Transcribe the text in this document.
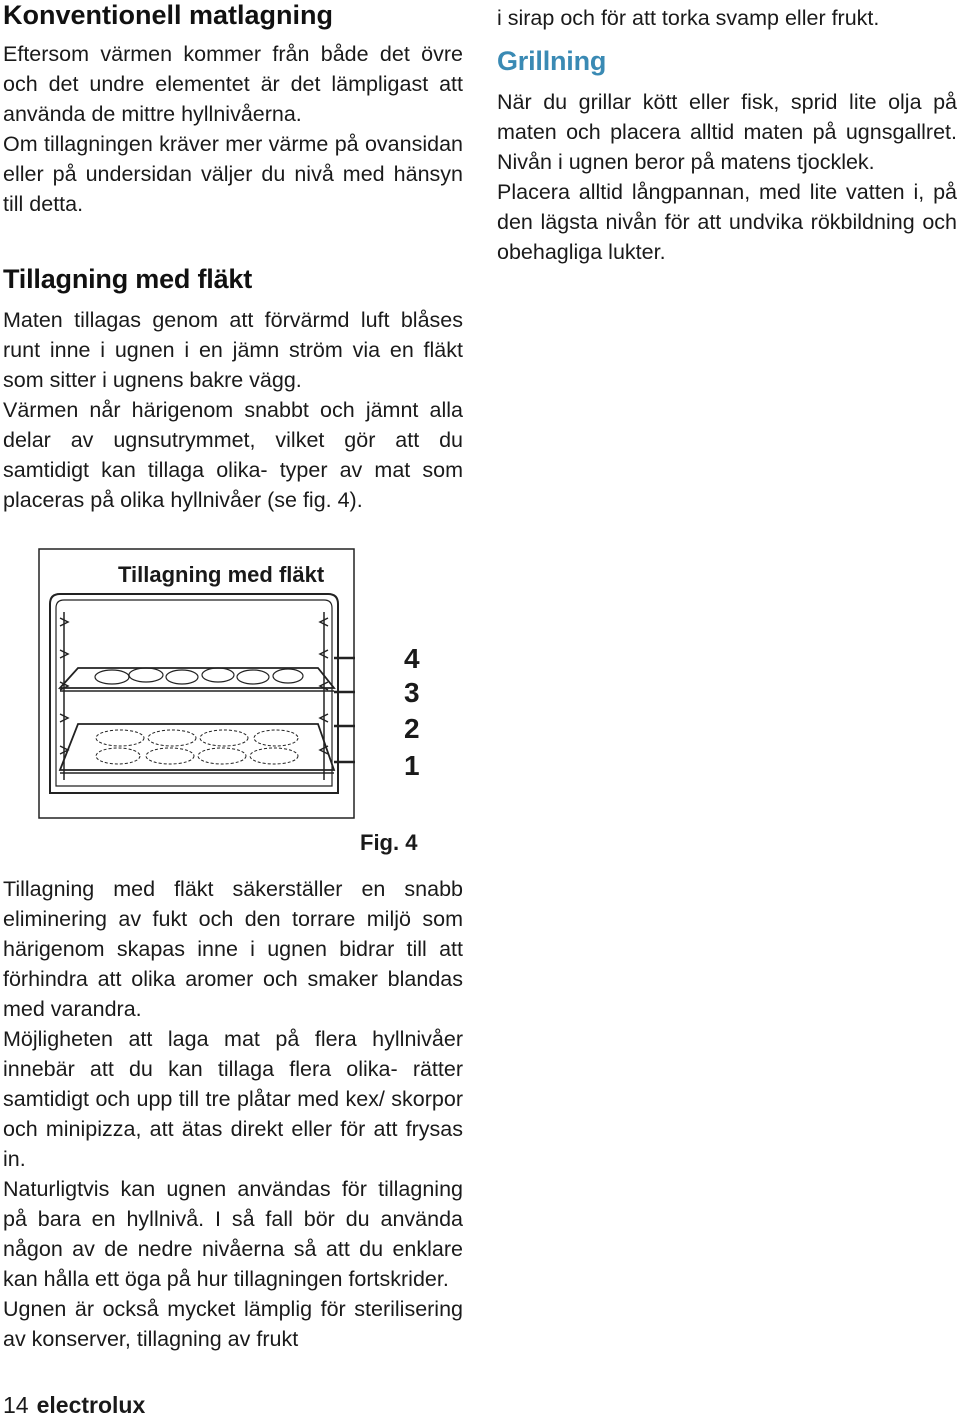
Konventionell matlagning

Eftersom värmen kommer från både det övre och det undre elementet är det lämpligast att använda de mittre hyllnivåerna.
Om tillagningen kräver mer värme på ovansidan eller på undersidan väljer du nivå med hänsyn till detta.

Tillagning med fläkt

Maten tillagas genom att förvärmd luft blåses runt inne i ugnen i en jämn ström via en fläkt som sitter i ugnens bakre vägg.
Värmen når härigenom snabbt och jämnt alla delar av ugnsutrymmet, vilket gör att du samtidigt kan tillaga olika- typer av mat som placeras på olika hyllnivåer (se fig. 4).

Tillagning med fläkt
4
3
2
1
Fig. 4

Tillagning med fläkt säkerställer en snabb eliminering av fukt och den torrare miljö som härigenom skapas inne i ugnen bidrar till att förhindra att olika aromer och smaker blandas med varandra.
Möjligheten att laga mat på flera hyllnivåer innebär att du kan tillaga flera olika- rätter samtidigt och upp till tre plåtar med kex/ skorpor och minipizza, att ätas direkt eller för att frysas in.
Naturligtvis kan ugnen användas för tillagning på bara en hyllnivå. I så fall bör du använda någon av de nedre nivåerna så att du enklare kan hålla ett öga på hur tillagningen fortskrider.
Ugnen är också mycket lämplig för sterilisering av konserver, tillagning av frukt

i sirap och för att torka svamp eller frukt.

Grillning

När du grillar kött eller fisk, sprid lite olja på maten och placera alltid maten på ugnsgallret. Nivån i ugnen beror på matens tjocklek.
Placera alltid långpannan, med lite vatten i, på den lägsta nivån för att undvika rökbildning och obehagliga lukter.

14 electrolux
